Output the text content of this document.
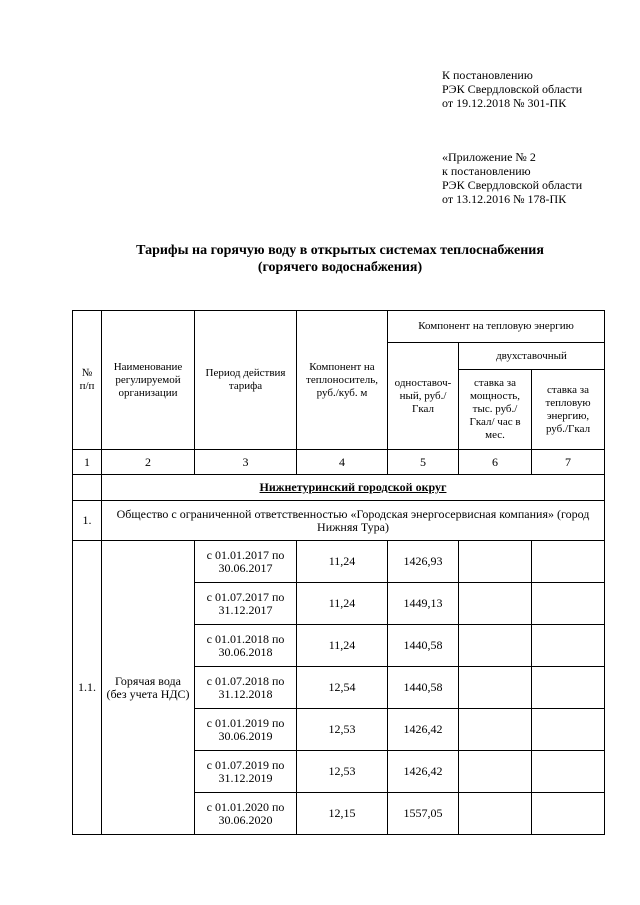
К постановлению
РЭК Свердловской области
от 19.12.2018 № 301-ПК
«Приложение № 2
к постановлению
РЭК Свердловской области
от 13.12.2016 № 178-ПК
Тарифы на горячую воду в открытых системах теплоснабжения
(горячего водоснабжения)
№ п/п	Наименование регулируемой организации	Период действия тарифа	Компонент на теплоноситель, руб./куб. м	Компонент на тепловую энергию		
				одноставоч-ный, руб./Гкал	двухставочный	
					ставка за мощность, тыс. руб./Гкал/ час в мес.	ставка за тепловую энергию, руб./Гкал
1	2	3	4	5	6	7
	Нижнетуринский городской округ					
1.	Общество с ограниченной ответственностью «Городская энергосервисная компания» (город Нижняя Тура)					
1.1.	Горячая вода (без учета НДС)	с 01.01.2017 по 30.06.2017	11,24	1426,93		
		с 01.07.2017 по 31.12.2017	11,24	1449,13		
		с 01.01.2018 по 30.06.2018	11,24	1440,58		
		с 01.07.2018 по 31.12.2018	12,54	1440,58		
		с 01.01.2019 по 30.06.2019	12,53	1426,42		
		с 01.07.2019 по 31.12.2019	12,53	1426,42		
		с 01.01.2020 по 30.06.2020	12,15	1557,05		
